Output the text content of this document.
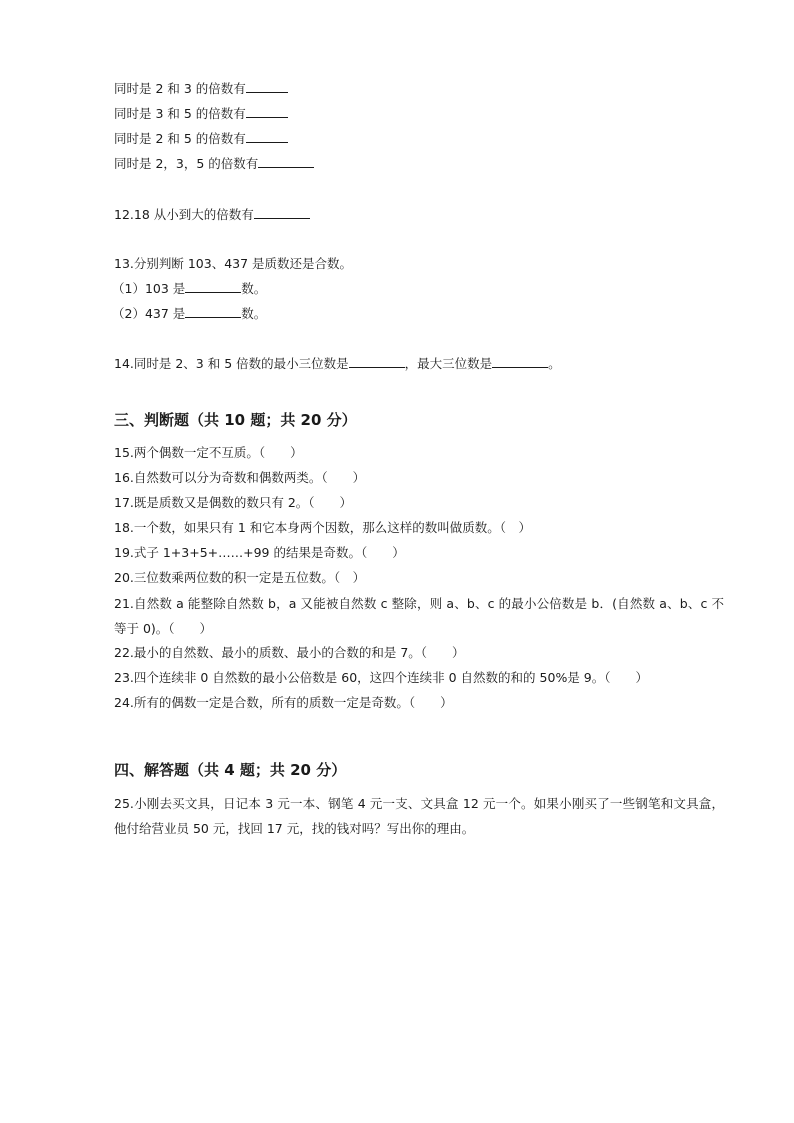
同时是 2 和 3 的倍数有
同时是 3 和 5 的倍数有
同时是 2 和 5 的倍数有
同时是 2，3，5 的倍数有
12.18 从小到大的倍数有
13.分别判断 103、437 是质数还是合数。
（1）103 是	数。
（2）437 是	数。
14.同时是 2、3 和 5 倍数的最小三位数是	，最大三位数是	。
三、判断题（共 10 题；共 20 分）
15.两个偶数一定不互质。（　　）
16.自然数可以分为奇数和偶数两类。（　　）
17.既是质数又是偶数的数只有 2。（　　）
18.一个数，如果只有 1 和它本身两个因数，那么这样的数叫做质数。（　）
19.式子 1+3+5+……+99 的结果是奇数。（　　）
20.三位数乘两位数的积一定是五位数。（　）
21.自然数 a 能整除自然数 b，a 又能被自然数 c 整除，则 a、b、c 的最小公倍数是 b．(自然数 a、b、c 不等于 0)。（　　）
22.最小的自然数、最小的质数、最小的合数的和是 7。（　　）
23.四个连续非 0 自然数的最小公倍数是 60，这四个连续非 0 自然数的和的 50%是 9。（　　）
24.所有的偶数一定是合数，所有的质数一定是奇数。（　　）
四、解答题（共 4 题；共 20 分）
25.小刚去买文具，日记本 3 元一本、钢笔 4 元一支、文具盒 12 元一个。如果小刚买了一些钢笔和文具盒，他付给营业员 50 元，找回 17 元，找的钱对吗？写出你的理由。
